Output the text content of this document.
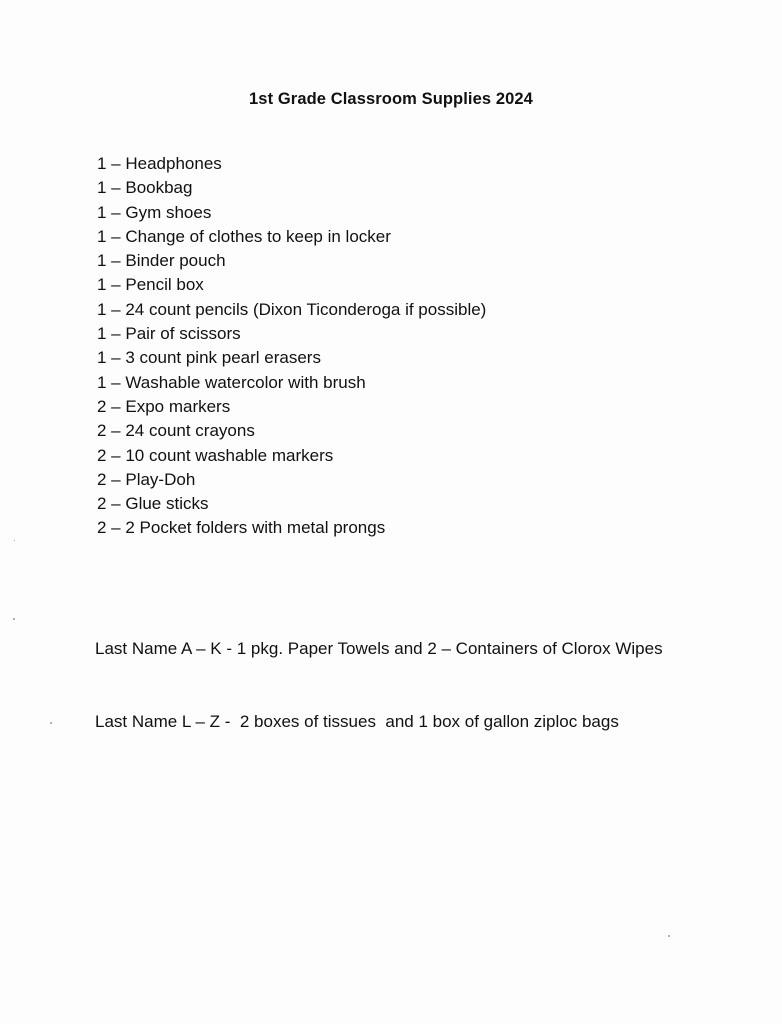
1st Grade Classroom Supplies 2024
1 – Headphones
1 – Bookbag
1 – Gym shoes
1 – Change of clothes to keep in locker
1 – Binder pouch
1 – Pencil box
1 – 24 count pencils (Dixon Ticonderoga if possible)
1 – Pair of scissors
1 – 3 count pink pearl erasers
1 – Washable watercolor with brush
2 – Expo markers
2 – 24 count crayons
2 – 10 count washable markers
2 – Play-Doh
2 – Glue sticks
2 – 2 Pocket folders with metal prongs
Last Name A – K - 1 pkg. Paper Towels and 2 – Containers of Clorox Wipes
Last Name L – Z -  2 boxes of tissues  and 1 box of gallon ziploc bags
